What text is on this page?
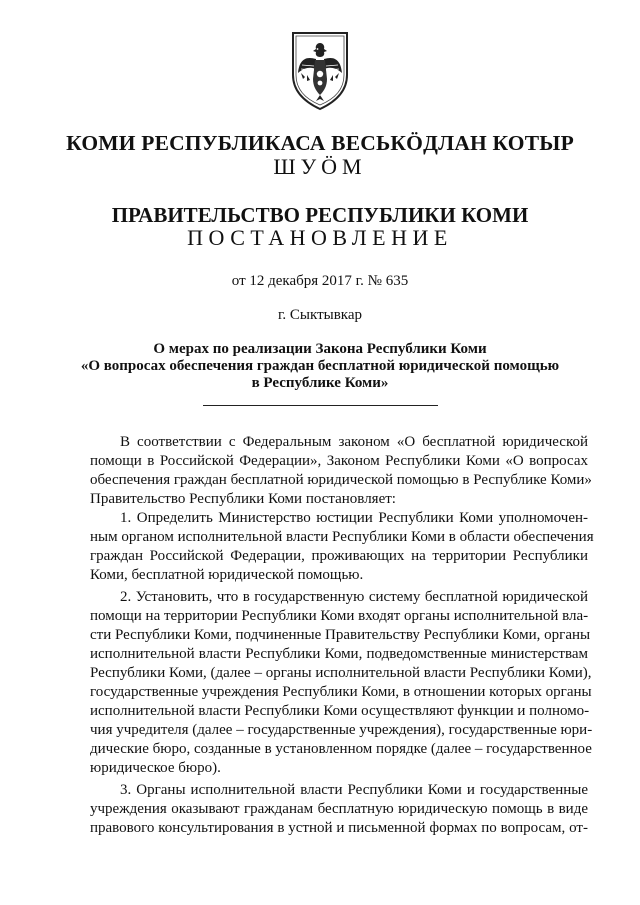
КОМИ РЕСПУБЛИКАСА ВЕСЬКӦДЛАН КОТЫР
ШУӦМ
ПРАВИТЕЛЬСТВО РЕСПУБЛИКИ КОМИ
ПОСТАНОВЛЕНИЕ
от 12 декабря 2017 г. № 635
г. Сыктывкар
О мерах по реализации Закона Республики Коми
«О вопросах обеспечения граждан бесплатной юридической помощью
в Республике Коми»
В соответствии с Федеральным законом «О бесплатной юридической
помощи в Российской Федерации», Законом Республики Коми «О вопросах
обеспечения граждан бесплатной юридической помощью в Республике Коми»
Правительство Республики Коми постановляет:
1. Определить Министерство юстиции Республики Коми уполномочен-
ным органом исполнительной власти Республики Коми в области обеспечения
граждан Российской Федерации, проживающих на территории Республики
Коми, бесплатной юридической помощью.
2. Установить, что в государственную систему бесплатной юридической
помощи на территории Республики Коми входят органы исполнительной вла-
сти Республики Коми, подчиненные Правительству Республики Коми, органы
исполнительной власти Республики Коми, подведомственные министерствам
Республики Коми, (далее – органы исполнительной власти Республики Коми),
государственные учреждения Республики Коми, в отношении которых органы
исполнительной власти Республики Коми осуществляют функции и полномо-
чия учредителя (далее – государственные учреждения), государственные юри-
дические бюро, созданные в установленном порядке (далее – государственное
юридическое бюро).
3. Органы исполнительной власти Республики Коми и государственные
учреждения оказывают гражданам бесплатную юридическую помощь в виде
правового консультирования в устной и письменной формах по вопросам, от-
